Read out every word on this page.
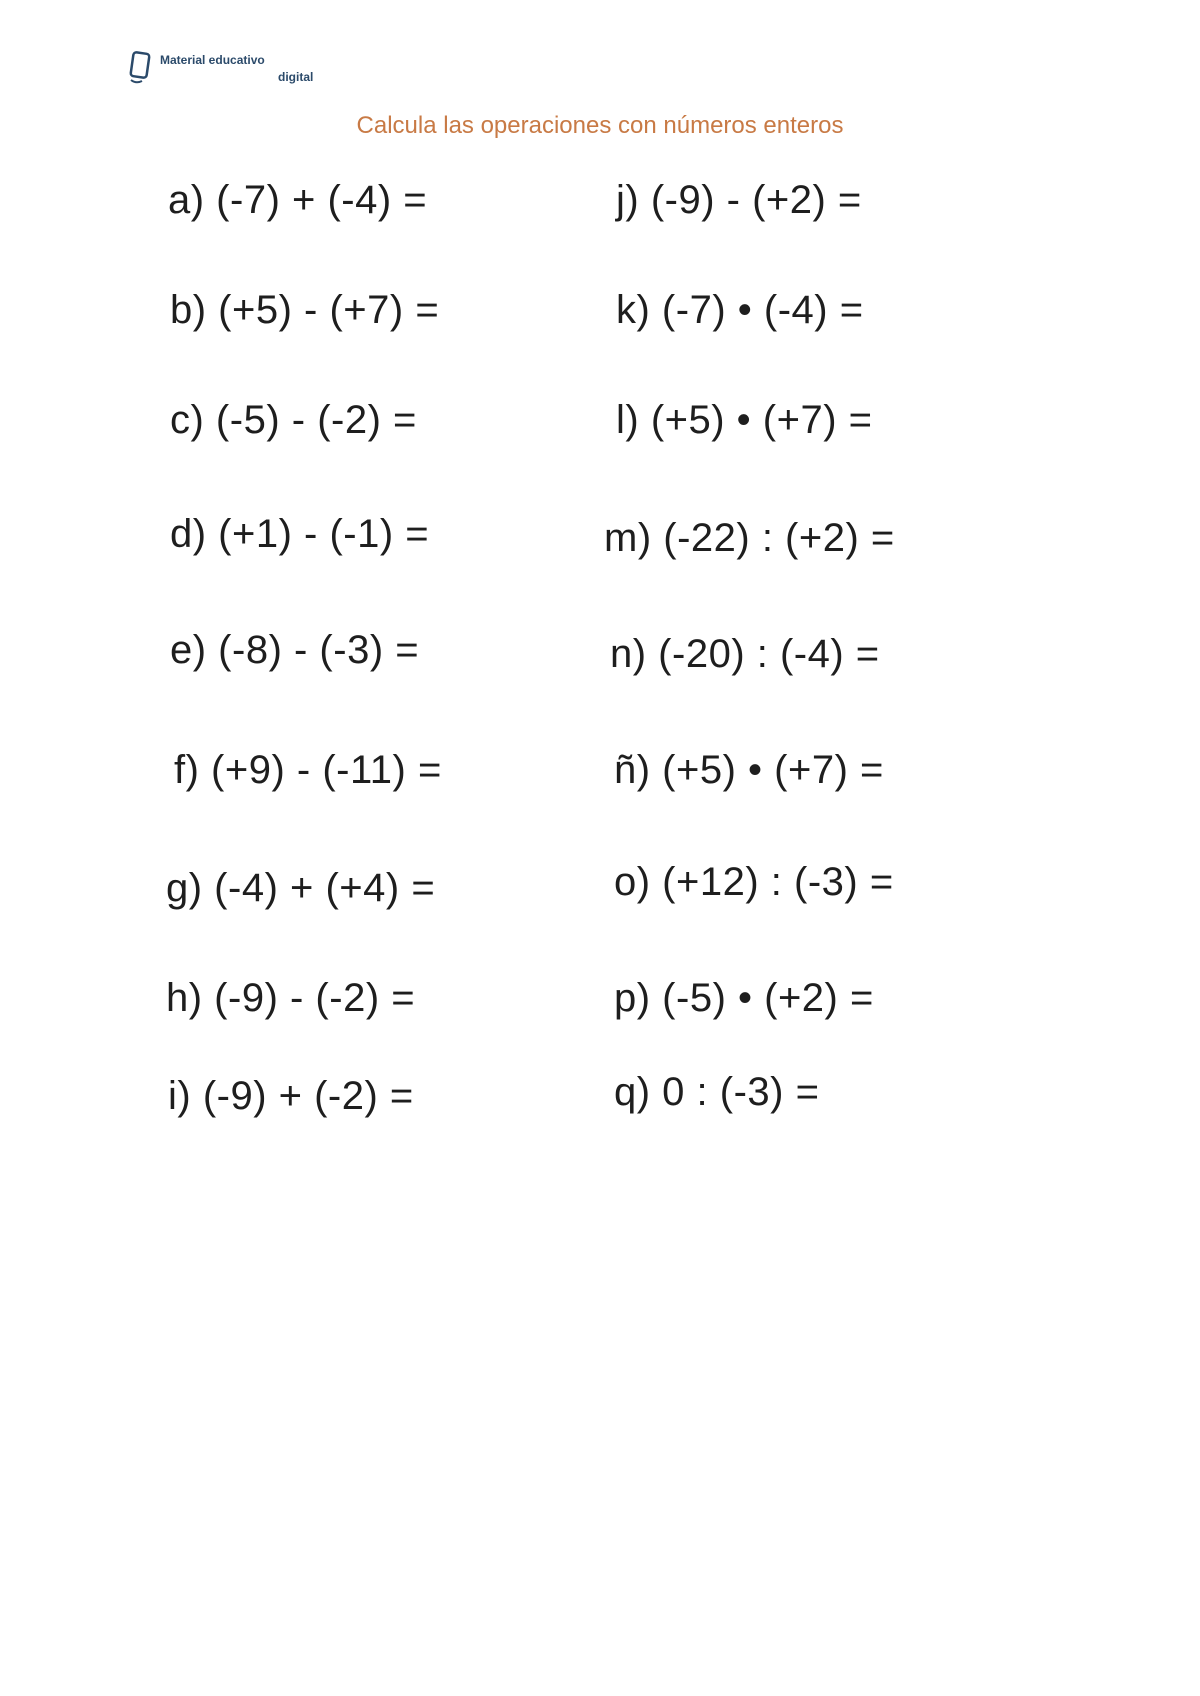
Material educativo
digital
Calcula las operaciones con números enteros
a) (-7) + (-4) =
b) (+5) - (+7) =
c) (-5) - (-2) =
d) (+1) - (-1) =
e) (-8) - (-3) =
f) (+9) - (-11) =
g) (-4) + (+4) =
h) (-9) - (-2) =
i) (-9) + (-2) =
j) (-9) - (+2) =
k) (-7) • (-4) =
l) (+5) • (+7) =
m) (-22) : (+2) =
n) (-20) : (-4) =
ñ) (+5) • (+7) =
o) (+12) : (-3) =
p) (-5) • (+2) =
q) 0 : (-3) =
